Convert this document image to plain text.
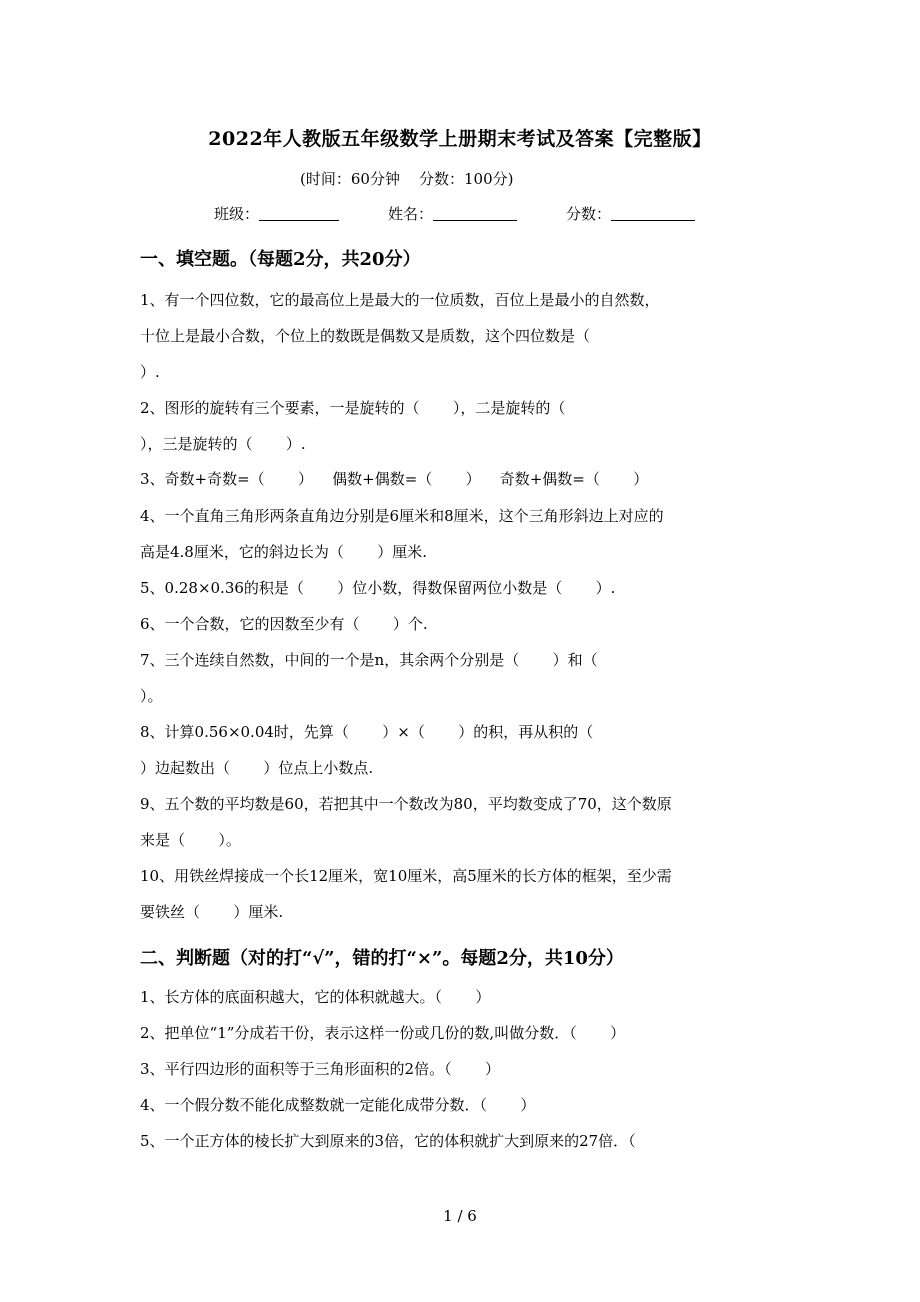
2022年人教版五年级数学上册期末考试及答案【完整版】
(时间：60分钟    分数：100分)
班级：	姓名：	分数：
一、填空题。（每题2分，共20分）
1、有一个四位数，它的最高位上是最大的一位质数，百位上是最小的自然数，
十位上是最小合数，个位上的数既是偶数又是质数，这个四位数是（
）.
2、图形的旋转有三个要素，一是旋转的（       ），二是旋转的（
），三是旋转的（       ）.
3、奇数+奇数=（       ）    偶数+偶数=（       ）    奇数+偶数=（       ）
4、一个直角三角形两条直角边分别是6厘米和8厘米，这个三角形斜边上对应的
高是4.8厘米，它的斜边长为（       ）厘米.
5、0.28×0.36的积是（       ）位小数，得数保留两位小数是（       ）.
6、一个合数，它的因数至少有（       ）个.
7、三个连续自然数，中间的一个是n，其余两个分别是（       ）和（
）。
8、计算0.56×0.04时，先算（       ）×（       ）的积，再从积的（
）边起数出（       ）位点上小数点.
9、五个数的平均数是60，若把其中一个数改为80，平均数变成了70，这个数原
来是（       ）。
10、用铁丝焊接成一个长12厘米，宽10厘米，高5厘米的长方体的框架，至少需
要铁丝（       ）厘米.
二、判断题（对的打“√”，错的打“×”。每题2分，共10分）
1、长方体的底面积越大，它的体积就越大。（       ）
2、把单位“1”分成若干份，表示这样一份或几份的数,叫做分数．（       ）
3、平行四边形的面积等于三角形面积的2倍。（       ）
4、一个假分数不能化成整数就一定能化成带分数．（       ）
5、一个正方体的棱长扩大到原来的3倍，它的体积就扩大到原来的27倍．（
1 / 6
